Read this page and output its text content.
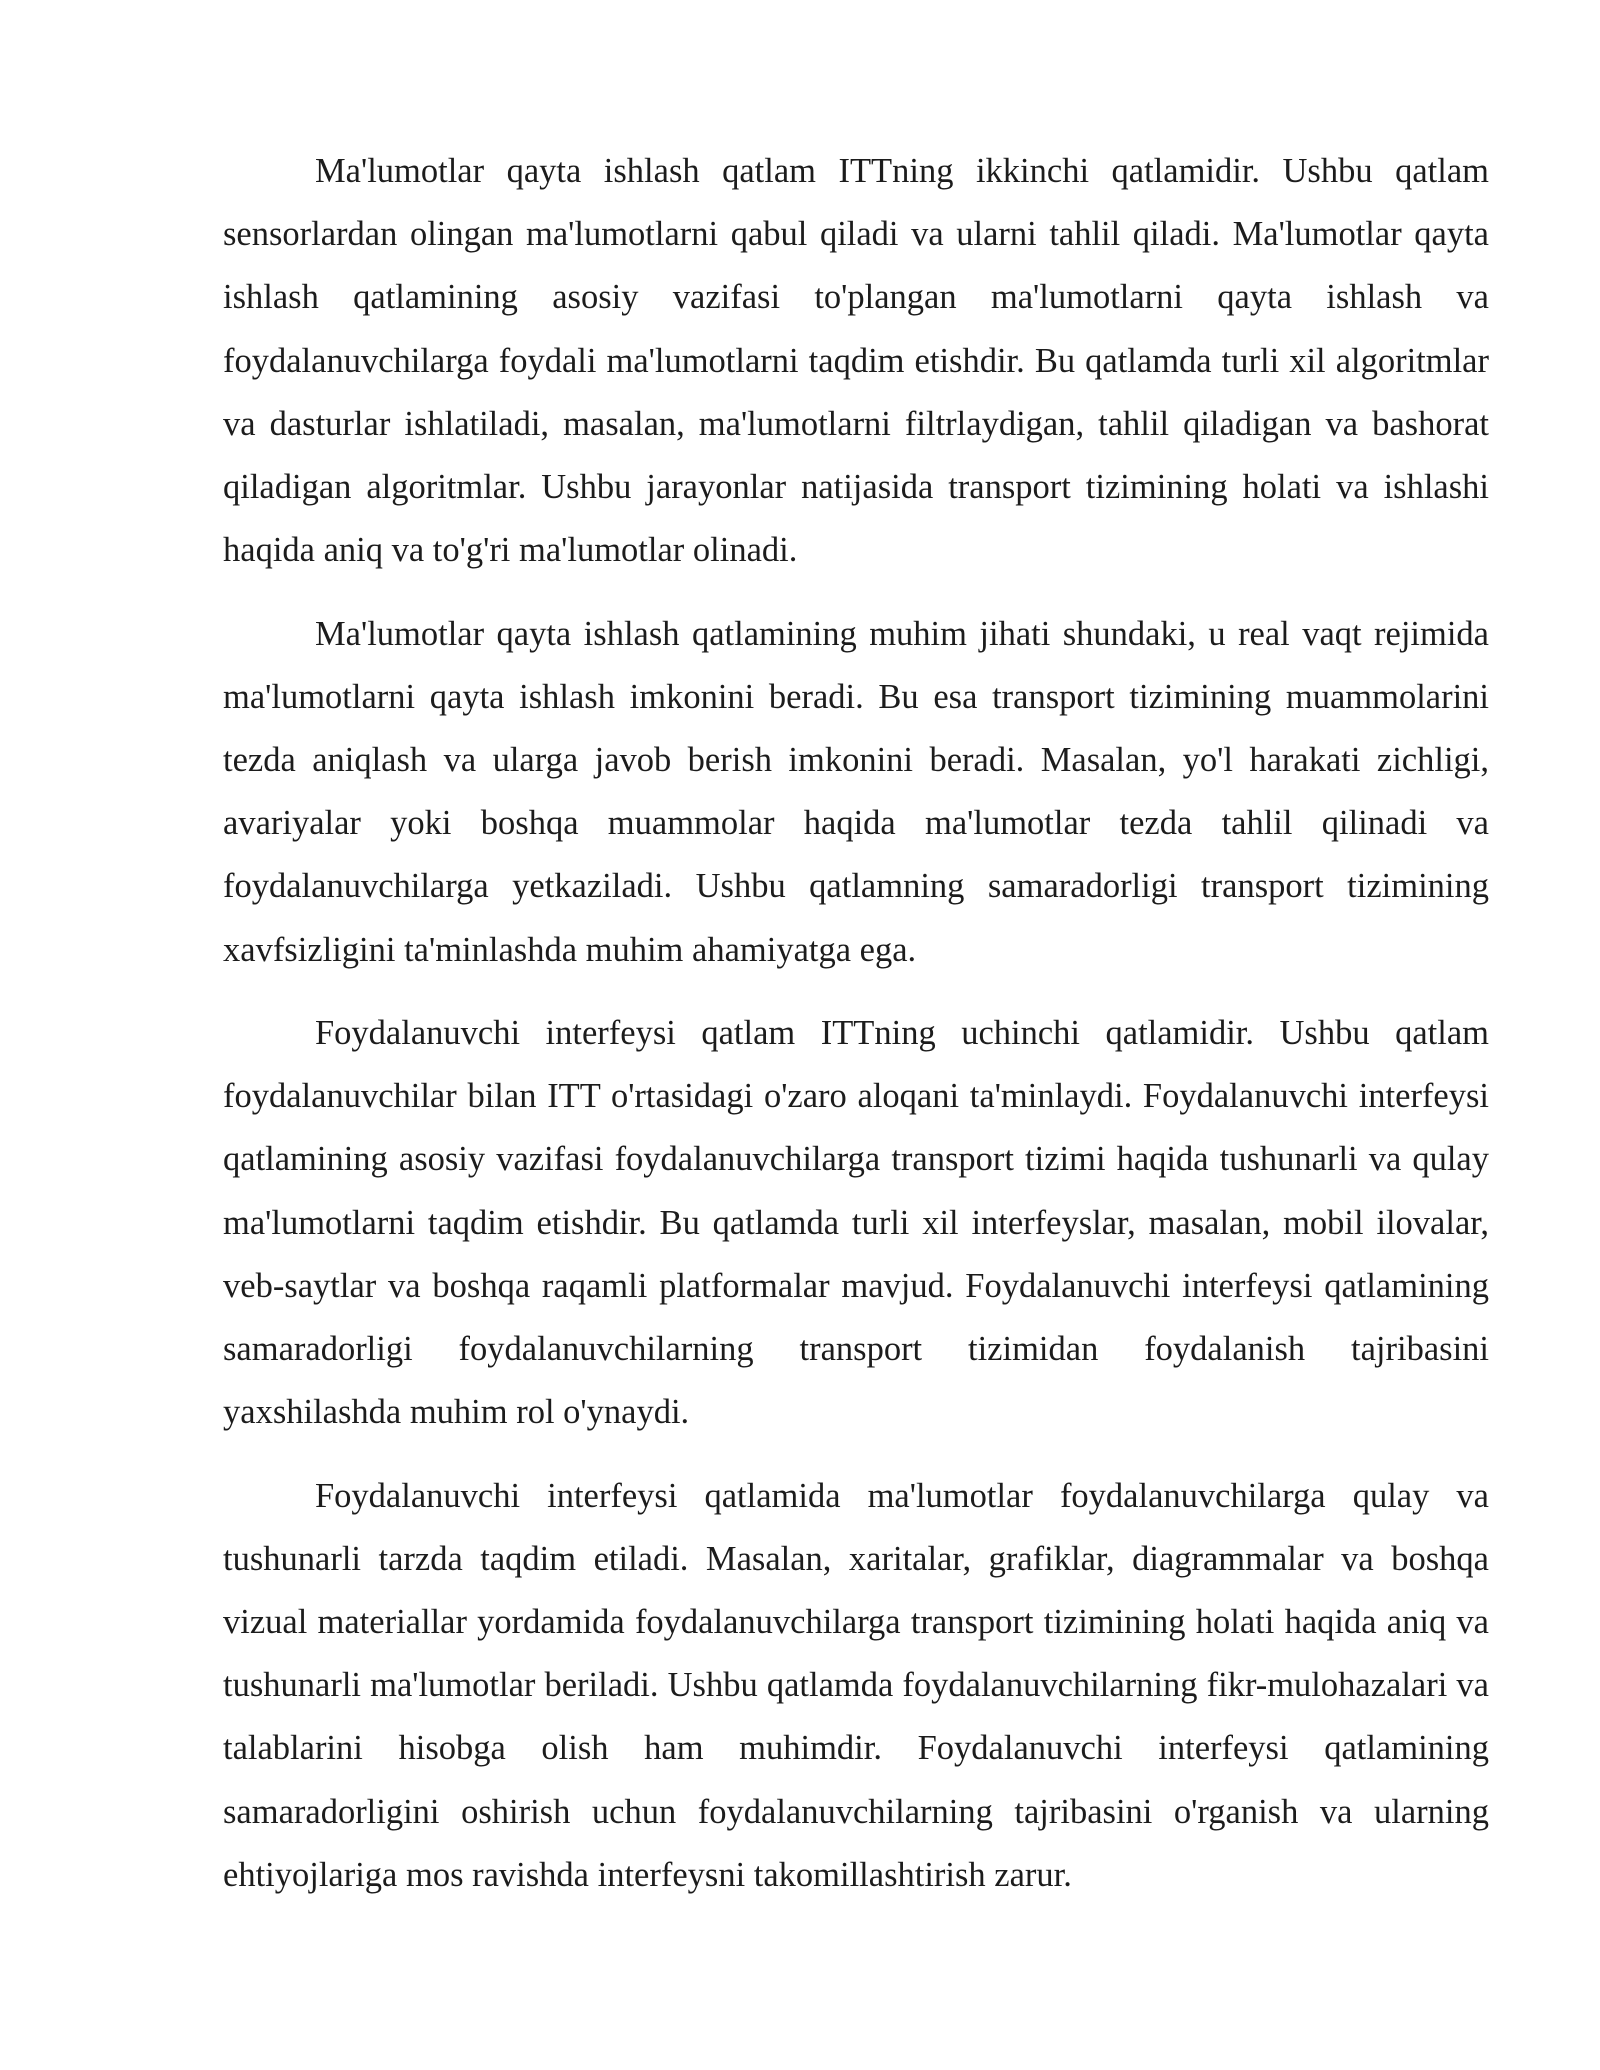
Ma'lumotlar qayta ishlash qatlam ITTning ikkinchi qatlamidir. Ushbu qatlam sensorlardan olingan ma'lumotlarni qabul qiladi va ularni tahlil qiladi. Ma'lumotlar qayta ishlash qatlamining asosiy vazifasi to'plangan ma'lumotlarni qayta ishlash va foydalanuvchilarga foydali ma'lumotlarni taqdim etishdir. Bu qatlamda turli xil algoritmlar va dasturlar ishlatiladi, masalan, ma'lumotlarni filtrlaydigan, tahlil qiladigan va bashorat qiladigan algoritmlar. Ushbu jarayonlar natijasida transport tizimining holati va ishlashi haqida aniq va to'g'ri ma'lumotlar olinadi.

Ma'lumotlar qayta ishlash qatlamining muhim jihati shundaki, u real vaqt rejimida ma'lumotlarni qayta ishlash imkonini beradi. Bu esa transport tizimining muammolarini tezda aniqlash va ularga javob berish imkonini beradi. Masalan, yo'l harakati zichligi, avariyalar yoki boshqa muammolar haqida ma'lumotlar tezda tahlil qilinadi va foydalanuvchilarga yetkaziladi. Ushbu qatlamning samaradorligi transport tizimining xavfsizligini ta'minlashda muhim ahamiyatga ega.

Foydalanuvchi interfeysi qatlam ITTning uchinchi qatlamidir. Ushbu qatlam foydalanuvchilar bilan ITT o'rtasidagi o'zaro aloqani ta'minlaydi. Foydalanuvchi interfeysi qatlamining asosiy vazifasi foydalanuvchilarga transport tizimi haqida tushunarli va qulay ma'lumotlarni taqdim etishdir. Bu qatlamda turli xil interfeyslar, masalan, mobil ilovalar, veb-saytlar va boshqa raqamli platformalar mavjud. Foydalanuvchi interfeysi qatlamining samaradorligi foydalanuvchilarning transport tizimidan foydalanish tajribasini yaxshilashda muhim rol o'ynaydi.

Foydalanuvchi interfeysi qatlamida ma'lumotlar foydalanuvchilarga qulay va tushunarli tarzda taqdim etiladi. Masalan, xaritalar, grafiklar, diagrammalar va boshqa vizual materiallar yordamida foydalanuvchilarga transport tizimining holati haqida aniq va tushunarli ma'lumotlar beriladi. Ushbu qatlamda foydalanuvchilarning fikr-mulohazalari va talablarini hisobga olish ham muhimdir. Foydalanuvchi interfeysi qatlamining samaradorligini oshirish uchun foydalanuvchilarning tajribasini o'rganish va ularning ehtiyojlariga mos ravishda interfeysni takomillashtirish zarur.
